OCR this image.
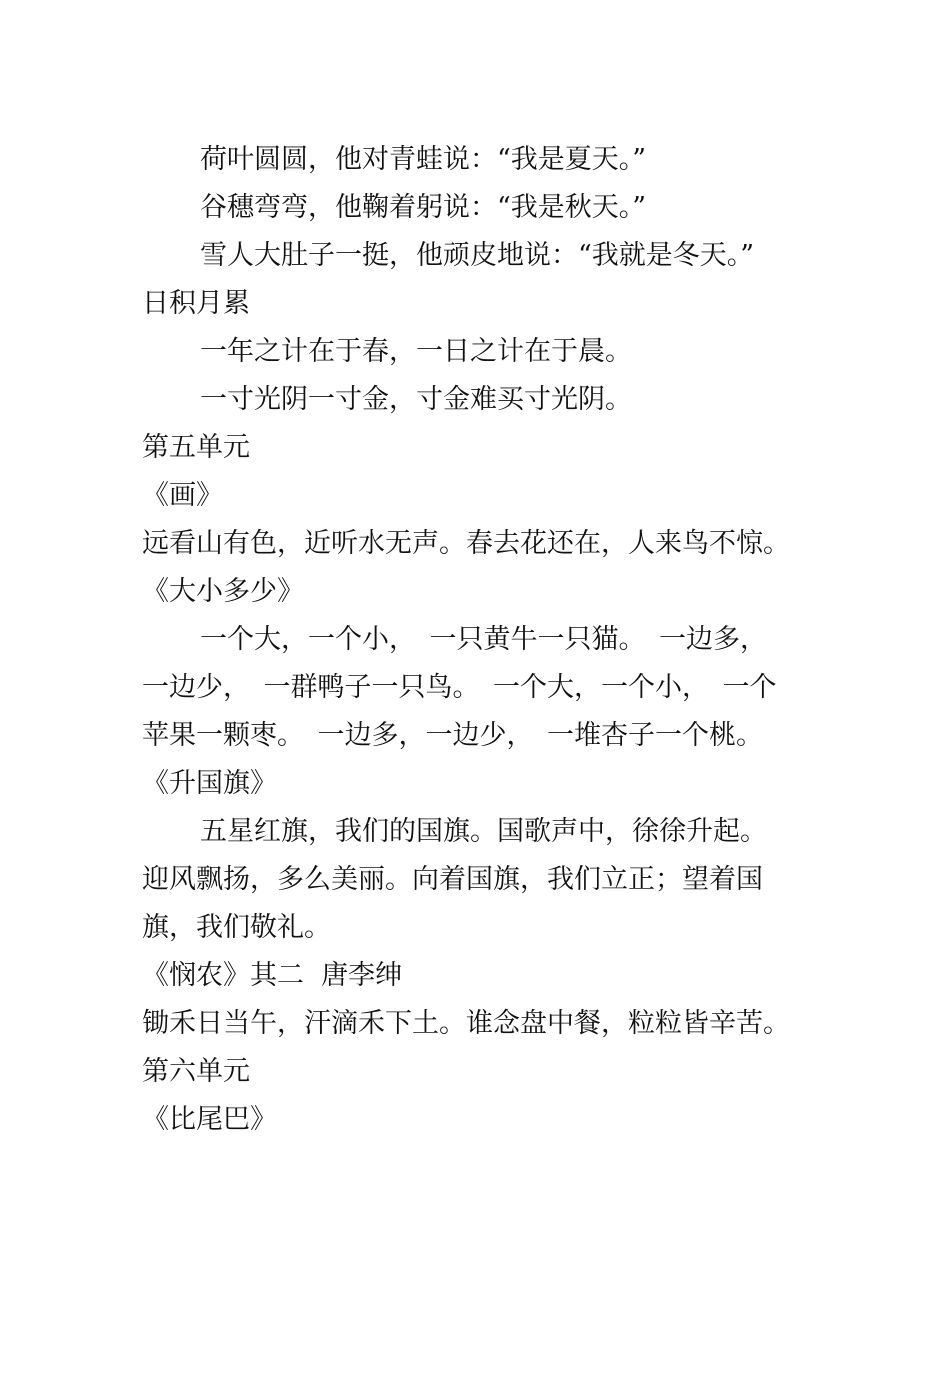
荷叶圆圆，他对青蛙说：“我是夏天。”

谷穗弯弯，他鞠着躬说：“我是秋天。”

雪人大肚子一挺，他顽皮地说：“我就是冬天。”

日积月累

一年之计在于春，一日之计在于晨。

一寸光阴一寸金，寸金难买寸光阴。

第五单元

《画》

远看山有色，近听水无声。春去花还在，人来鸟不惊。

《大小多少》

一个大，一个小，　一只黄牛一只猫。　一边多，

一边少，　一群鸭子一只鸟。　一个大，一个小，　一个

苹果一颗枣。　一边多，一边少，　一堆杏子一个桃。

《升国旗》

五星红旗，我们的国旗。国歌声中，徐徐升起。

迎风飘扬，多么美丽。向着国旗，我们立正；望着国

旗，我们敬礼。

《悯农》其二  唐李绅

锄禾日当午，汗滴禾下土。谁念盘中餐，粒粒皆辛苦。

第六单元

《比尾巴》
